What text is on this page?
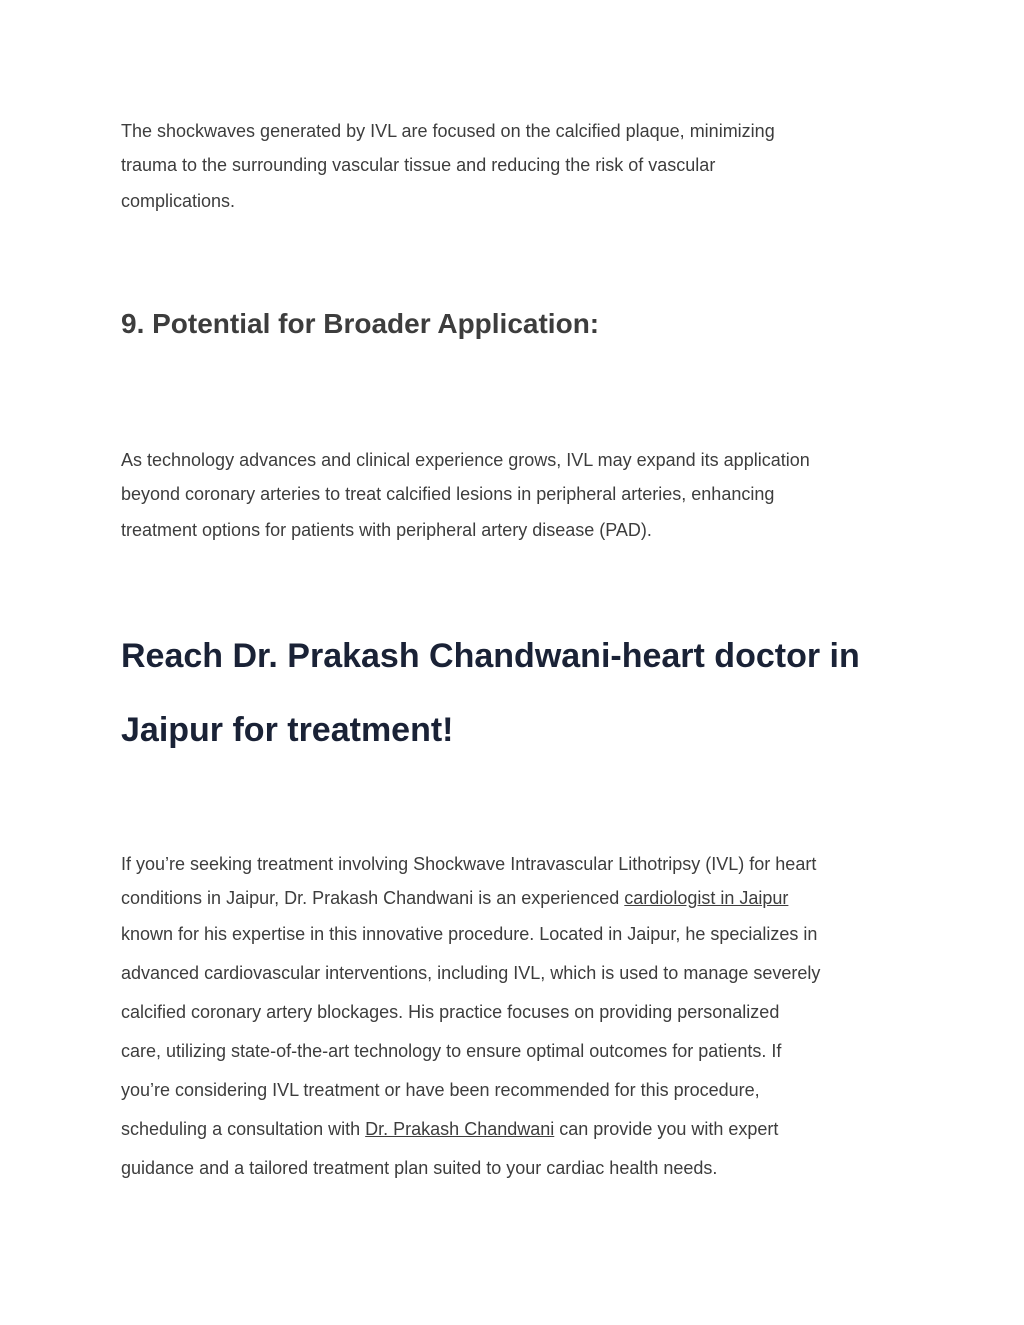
The shockwaves generated by IVL are focused on the calcified plaque, minimizing
trauma to the surrounding vascular tissue and reducing the risk of vascular
complications.
9. Potential for Broader Application:
As technology advances and clinical experience grows, IVL may expand its application
beyond coronary arteries to treat calcified lesions in peripheral arteries, enhancing
treatment options for patients with peripheral artery disease (PAD).
Reach Dr. Prakash Chandwani-heart doctor in
Jaipur for treatment!
If you’re seeking treatment involving Shockwave Intravascular Lithotripsy (IVL) for heart
conditions in Jaipur, Dr. Prakash Chandwani is an experienced cardiologist in Jaipur
known for his expertise in this innovative procedure. Located in Jaipur, he specializes in
advanced cardiovascular interventions, including IVL, which is used to manage severely
calcified coronary artery blockages. His practice focuses on providing personalized
care, utilizing state-of-the-art technology to ensure optimal outcomes for patients. If
you’re considering IVL treatment or have been recommended for this procedure,
scheduling a consultation with Dr. Prakash Chandwani can provide you with expert
guidance and a tailored treatment plan suited to your cardiac health needs.
